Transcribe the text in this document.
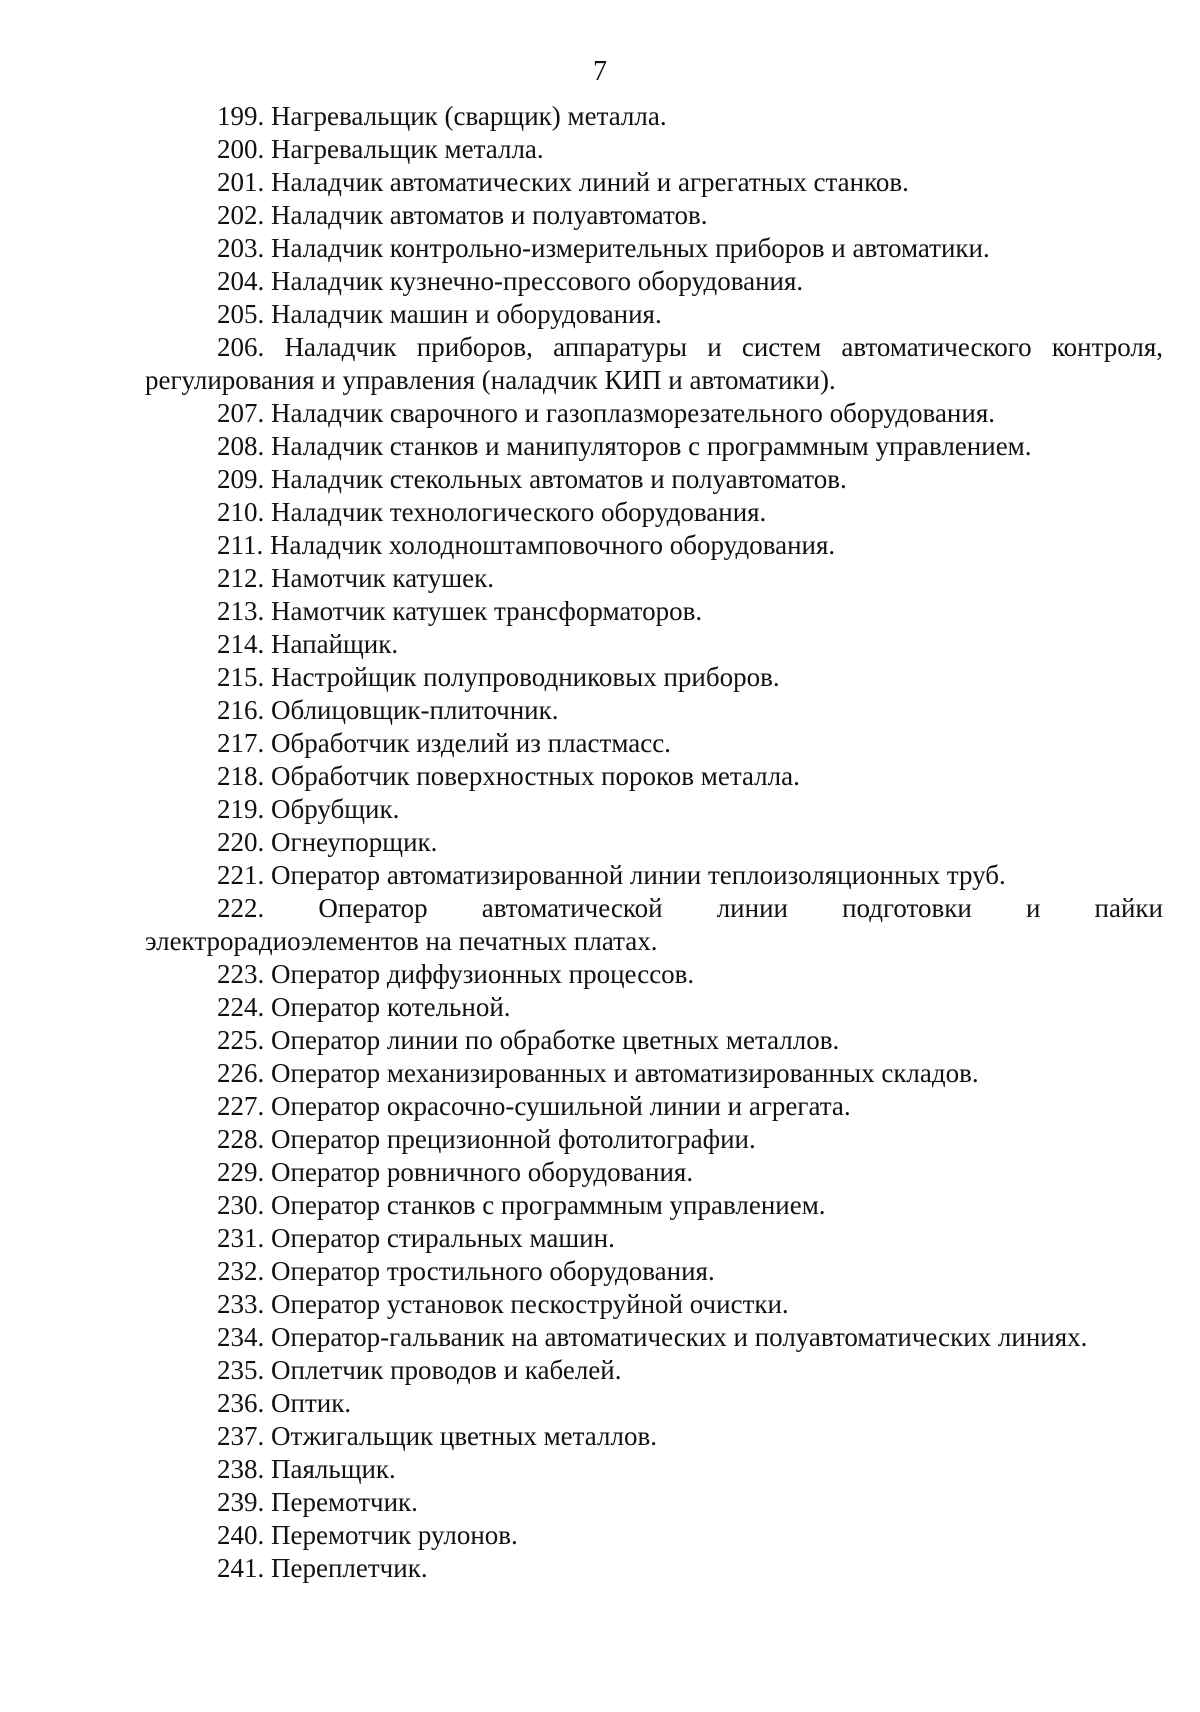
7

199. Нагревальщик (сварщик) металла.

200. Нагревальщик металла.

201. Наладчик автоматических линий и агрегатных станков.

202. Наладчик автоматов и полуавтоматов.

203. Наладчик контрольно-измерительных приборов и автоматики.

204. Наладчик кузнечно-прессового оборудования.

205. Наладчик машин и оборудования.

206. Наладчик приборов, аппаратуры и систем автоматического контроля,
регулирования и управления (наладчик КИП и автоматики).

207. Наладчик сварочного и газоплазморезательного оборудования.

208. Наладчик станков и манипуляторов с программным управлением.

209. Наладчик стекольных автоматов и полуавтоматов.

210. Наладчик технологического оборудования.

211. Наладчик холодноштамповочного оборудования.

212. Намотчик катушек.

213. Намотчик катушек трансформаторов.

214. Напайщик.

215. Настройщик полупроводниковых приборов.

216. Облицовщик-плиточник.

217. Обработчик изделий из пластмасс.

218. Обработчик поверхностных пороков металла.

219. Обрубщик.

220. Огнеупорщик.

221. Оператор автоматизированной линии теплоизоляционных труб.

222. Оператор автоматической линии подготовки и пайки
электрорадиоэлементов на печатных платах.

223. Оператор диффузионных процессов.

224. Оператор котельной.

225. Оператор линии по обработке цветных металлов.

226. Оператор механизированных и автоматизированных складов.

227. Оператор окрасочно-сушильной линии и агрегата.

228. Оператор прецизионной фотолитографии.

229. Оператор ровничного оборудования.

230. Оператор станков с программным управлением.

231. Оператор стиральных машин.

232. Оператор тростильного оборудования.

233. Оператор установок пескоструйной очистки.

234. Оператор-гальваник на автоматических и полуавтоматических линиях.

235. Оплетчик проводов и кабелей.

236. Оптик.

237. Отжигальщик цветных металлов.

238. Паяльщик.

239. Перемотчик.

240. Перемотчик рулонов.

241. Переплетчик.
